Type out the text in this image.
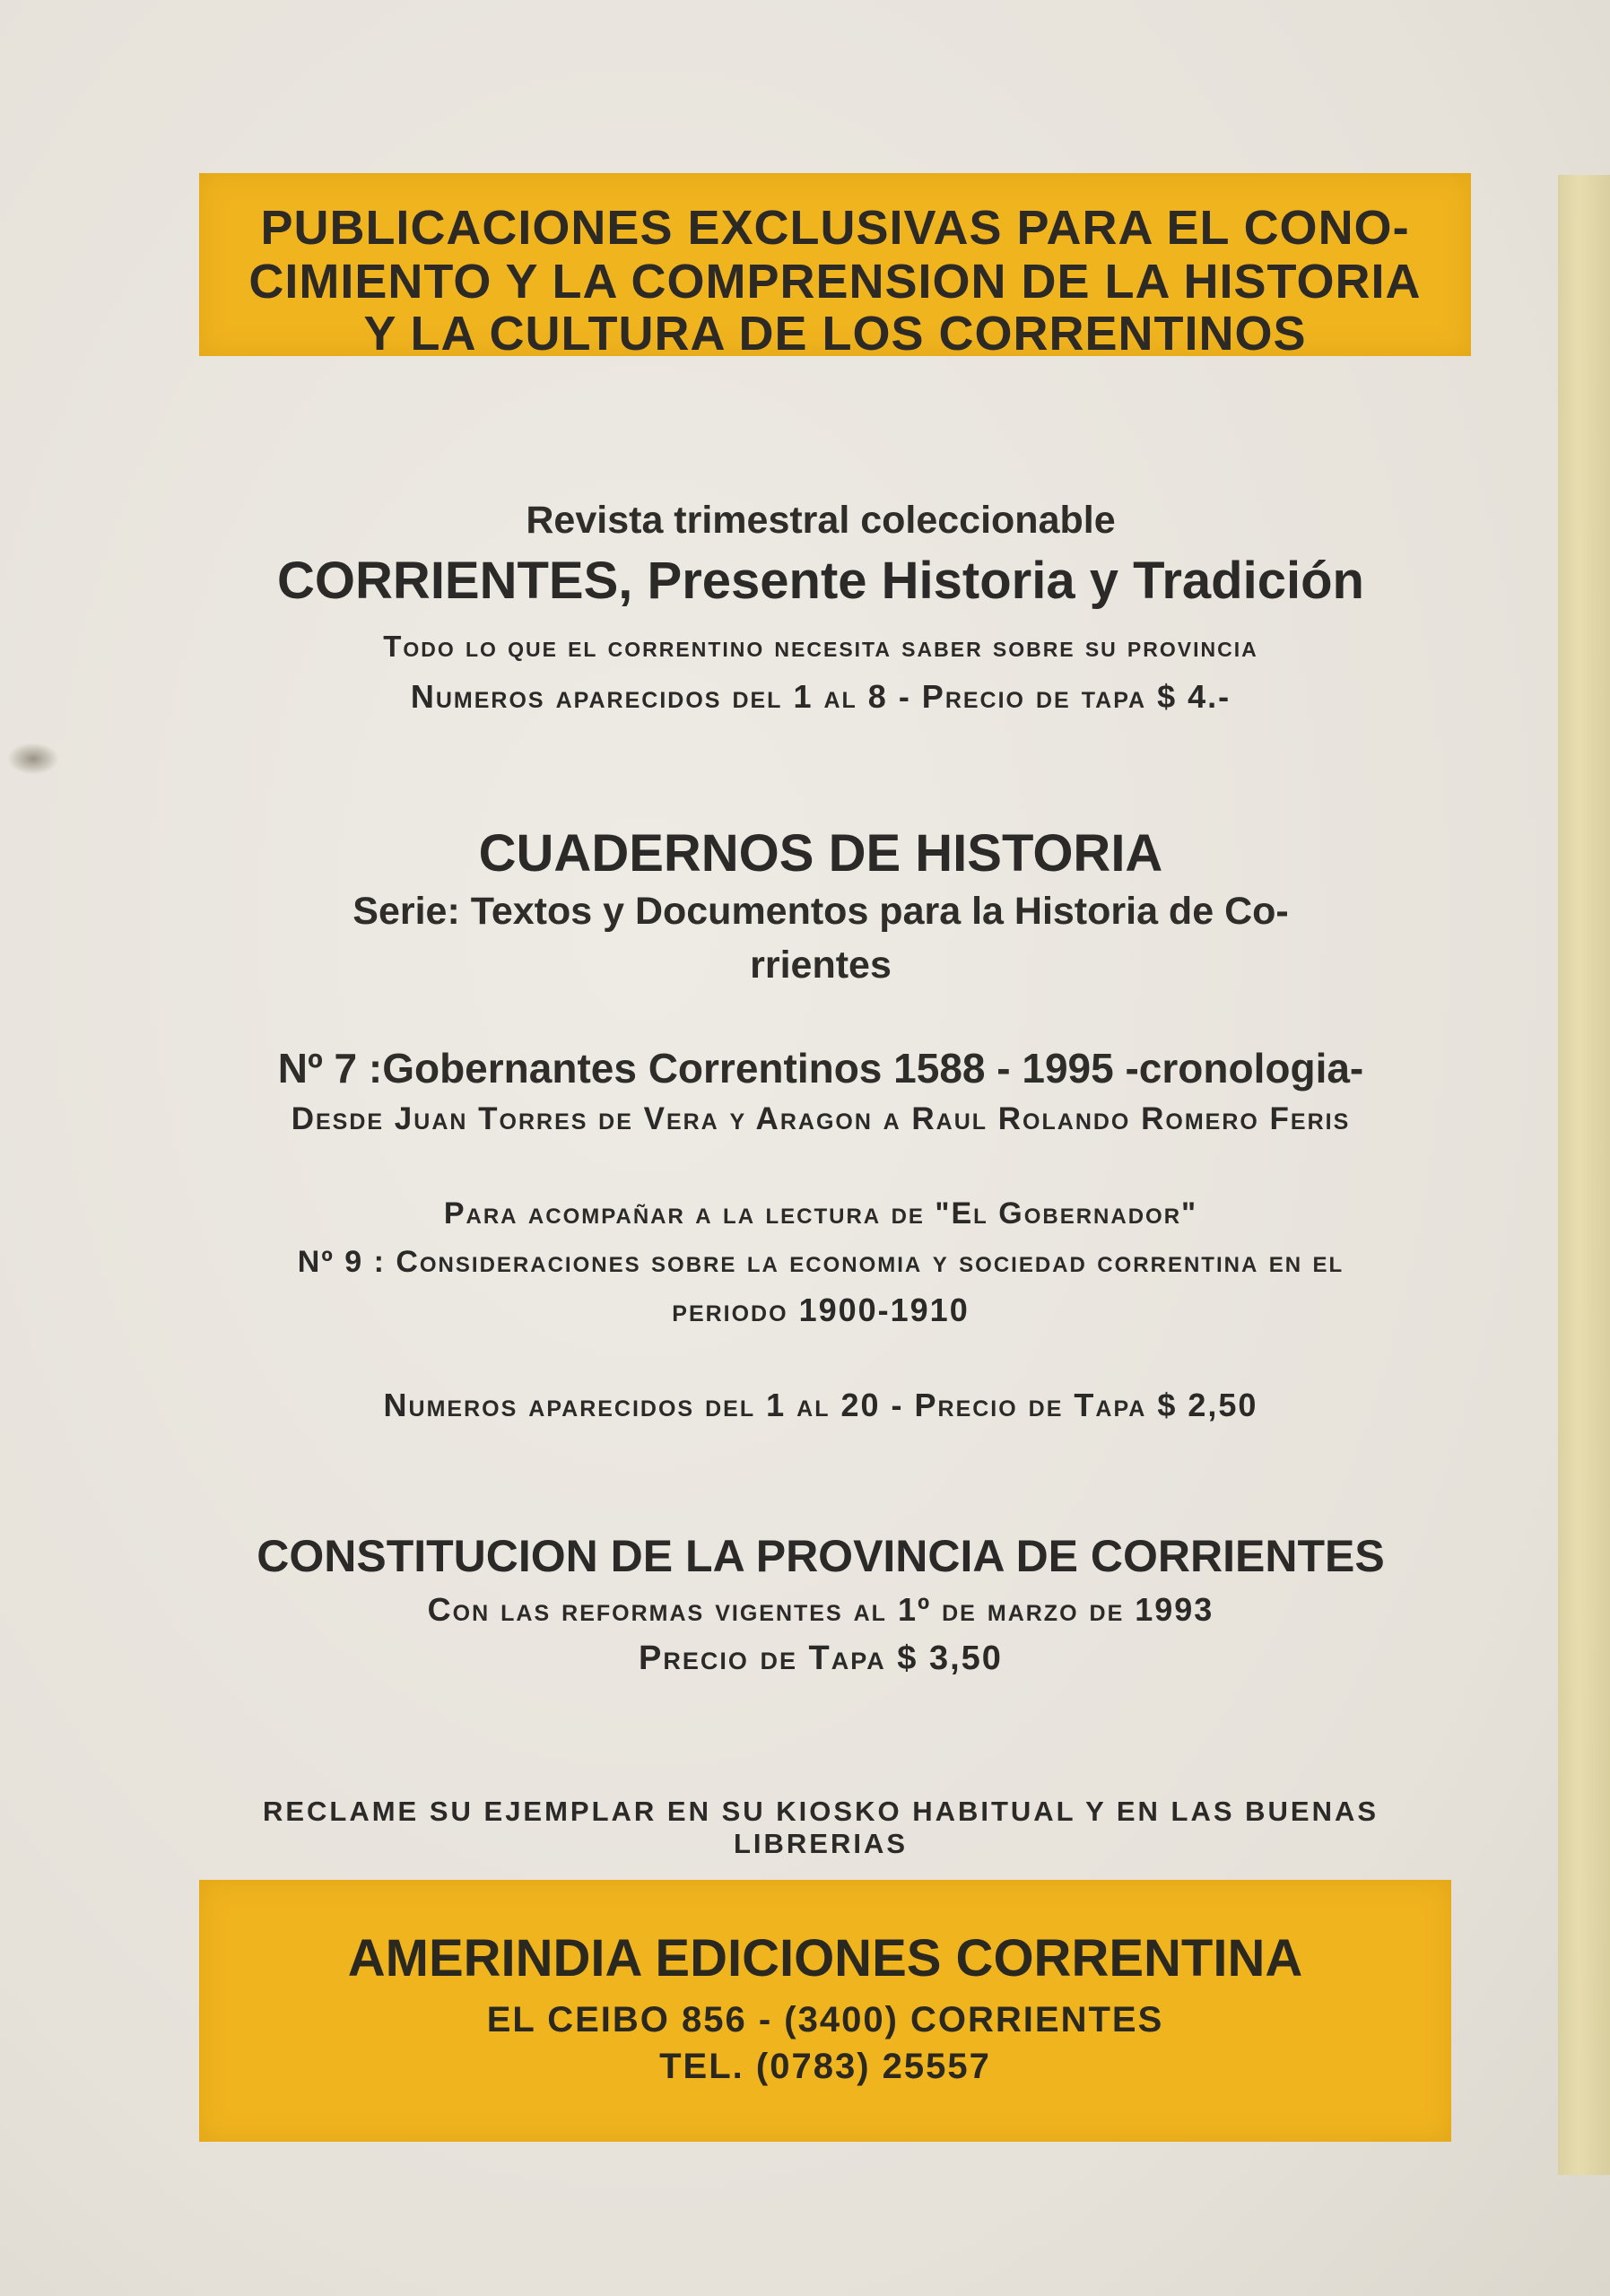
PUBLICACIONES EXCLUSIVAS PARA EL CONO-
CIMIENTO Y LA COMPRENSION DE LA HISTORIA
Y LA CULTURA DE LOS CORRENTINOS
Revista trimestral coleccionable
CORRIENTES, Presente Historia y Tradición
Todo lo que el correntino necesita saber sobre su provincia
Numeros aparecidos del 1 al 8 - Precio de tapa $ 4.-
CUADERNOS DE HISTORIA
Serie: Textos y Documentos para la Historia de Co-
rrientes
Nº 7 :Gobernantes Correntinos 1588 - 1995 -cronologia-
Desde Juan Torres de Vera y Aragon a Raul Rolando Romero Feris
Para acompañar a la lectura de "El Gobernador"
Nº 9 : Consideraciones sobre la economia y sociedad correntina en el
periodo 1900-1910
Numeros aparecidos del 1 al 20 - Precio de Tapa $ 2,50
CONSTITUCION DE LA PROVINCIA DE CORRIENTES
Con las reformas vigentes al 1º de marzo de 1993
Precio de Tapa $ 3,50
RECLAME SU EJEMPLAR EN SU KIOSKO HABITUAL Y EN LAS BUENAS LIBRERIAS
AMERINDIA EDICIONES CORRENTINA
EL CEIBO 856 - (3400) CORRIENTES
TEL. (0783) 25557
